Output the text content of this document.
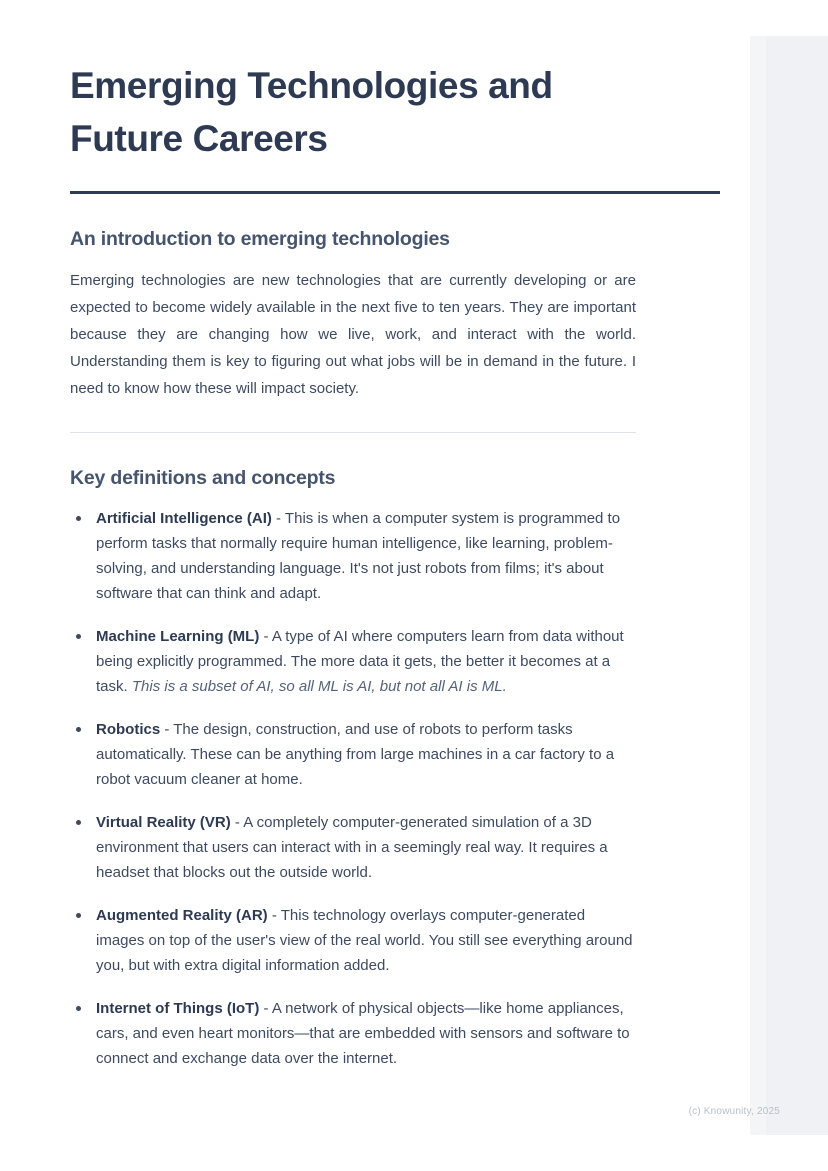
Emerging Technologies and Future Careers
An introduction to emerging technologies

Emerging technologies are new technologies that are currently developing or are expected to become widely available in the next five to ten years. They are important because they are changing how we live, work, and interact with the world. Understanding them is key to figuring out what jobs will be in demand in the future. I need to know how these will impact society.

Key definitions and concepts
Artificial Intelligence (AI) - This is when a computer system is programmed to perform tasks that normally require human intelligence, like learning, problem-solving, and understanding language. It's not just robots from films; it's about software that can think and adapt.
Machine Learning (ML) - A type of AI where computers learn from data without being explicitly programmed. The more data it gets, the better it becomes at a task. This is a subset of AI, so all ML is AI, but not all AI is ML.
Robotics - The design, construction, and use of robots to perform tasks automatically. These can be anything from large machines in a car factory to a robot vacuum cleaner at home.
Virtual Reality (VR) - A completely computer-generated simulation of a 3D environment that users can interact with in a seemingly real way. It requires a headset that blocks out the outside world.
Augmented Reality (AR) - This technology overlays computer-generated images on top of the user's view of the real world. You still see everything around you, but with extra digital information added.
Internet of Things (IoT) - A network of physical objects—like home appliances, cars, and even heart monitors—that are embedded with sensors and software to connect and exchange data over the internet.
(c) Knowunity, 2025
